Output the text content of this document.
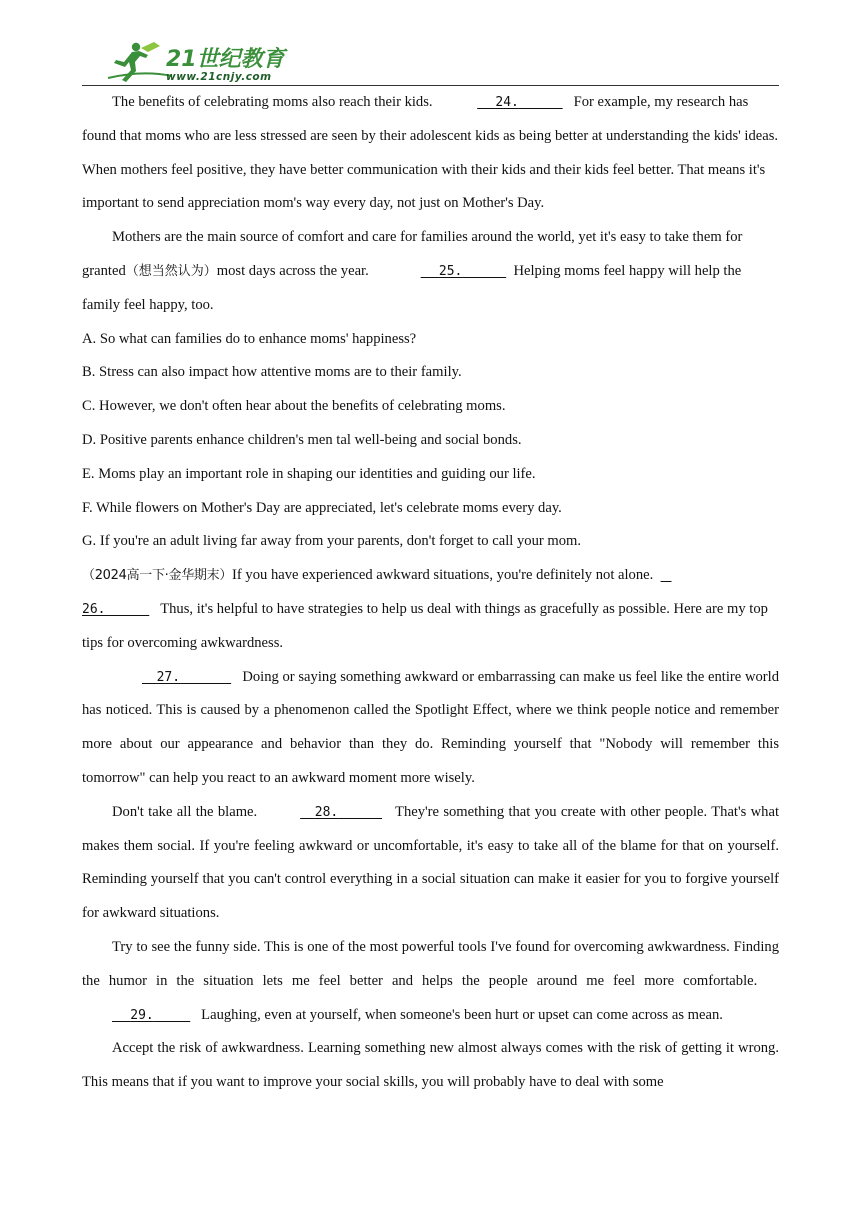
21世纪教育
www.21cnjy.com

The benefits of celebrating moms also reach their kids.	24.	For example, my research has found that moms who are less stressed are seen by their adolescent kids as being better at understanding the kids' ideas. When mothers feel positive, they have better communication with their kids and their kids feel better. That means it's important to send appreciation mom's way every day, not just on Mother's Day.

Mothers are the main source of comfort and care for families around the world, yet it's easy to take them for granted（想当然认为）most days across the year.	25.	Helping moms feel happy will help the family feel happy, too.

A. So what can families do to enhance moms' happiness?

B. Stress can also impact how attentive moms are to their family.

C. However, we don't often hear about the benefits of celebrating moms.

D. Positive parents enhance children's men tal well-being and social bonds.

E. Moms play an important role in shaping our identities and guiding our life.

F. While flowers on Mother's Day are appreciated, let's celebrate moms every day.

G. If you're an adult living far away from your parents, don't forget to call your mom.

（2024高一下·金华期末）If you have experienced awkward situations, you're definitely not alone.
26.	Thus, it's helpful to have strategies to help us deal with things as gracefully as possible. Here are my top tips for overcoming awkwardness.

27.	Doing or saying something awkward or embarrassing can make us feel like the entire world has noticed. This is caused by a phenomenon called the Spotlight Effect, where we think people notice and remember more about our appearance and behavior than they do. Reminding yourself that "Nobody will remember this tomorrow" can help you react to an awkward moment more wisely.

Don't take all the blame.	28.	They're something that you create with other people. That's what makes them social. If you're feeling awkward or uncomfortable, it's easy to take all of the blame for that on yourself. Reminding yourself that you can't control everything in a social situation can make it easier for you to forgive yourself for awkward situations.

Try to see the funny side. This is one of the most powerful tools I've found for overcoming awkwardness. Finding the humor in the situation lets me feel better and helps the people around me feel more comfortable.        29.	Laughing, even at yourself, when someone's been hurt or upset can come across as mean.

Accept the risk of awkwardness. Learning something new almost always comes with the risk of getting it wrong. This means that if you want to improve your social skills, you will probably have to deal with some
